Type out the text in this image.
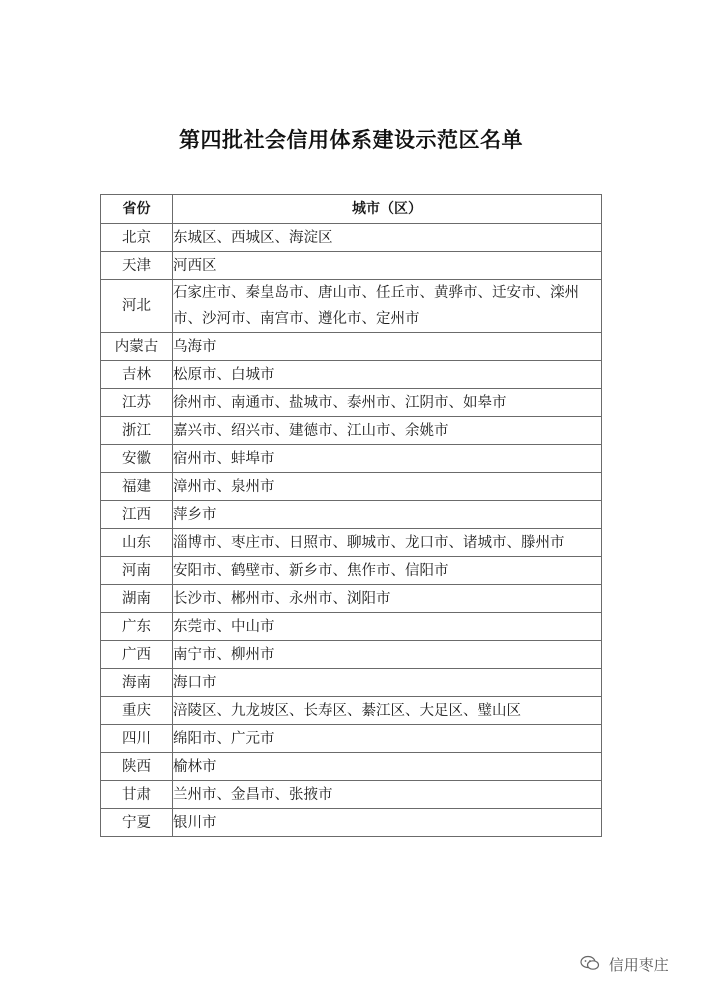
第四批社会信用体系建设示范区名单
省份	城市（区）
北京	东城区、西城区、海淀区
天津	河西区
河北	石家庄市、秦皇岛市、唐山市、任丘市、黄骅市、迁安市、滦州市、沙河市、南宫市、遵化市、定州市
内蒙古	乌海市
吉林	松原市、白城市
江苏	徐州市、南通市、盐城市、泰州市、江阴市、如皋市
浙江	嘉兴市、绍兴市、建德市、江山市、余姚市
安徽	宿州市、蚌埠市
福建	漳州市、泉州市
江西	萍乡市
山东	淄博市、枣庄市、日照市、聊城市、龙口市、诸城市、滕州市
河南	安阳市、鹤壁市、新乡市、焦作市、信阳市
湖南	长沙市、郴州市、永州市、浏阳市
广东	东莞市、中山市
广西	南宁市、柳州市
海南	海口市
重庆	涪陵区、九龙坡区、长寿区、綦江区、大足区、璧山区
四川	绵阳市、广元市
陕西	榆林市
甘肃	兰州市、金昌市、张掖市
宁夏	银川市
信用枣庄
